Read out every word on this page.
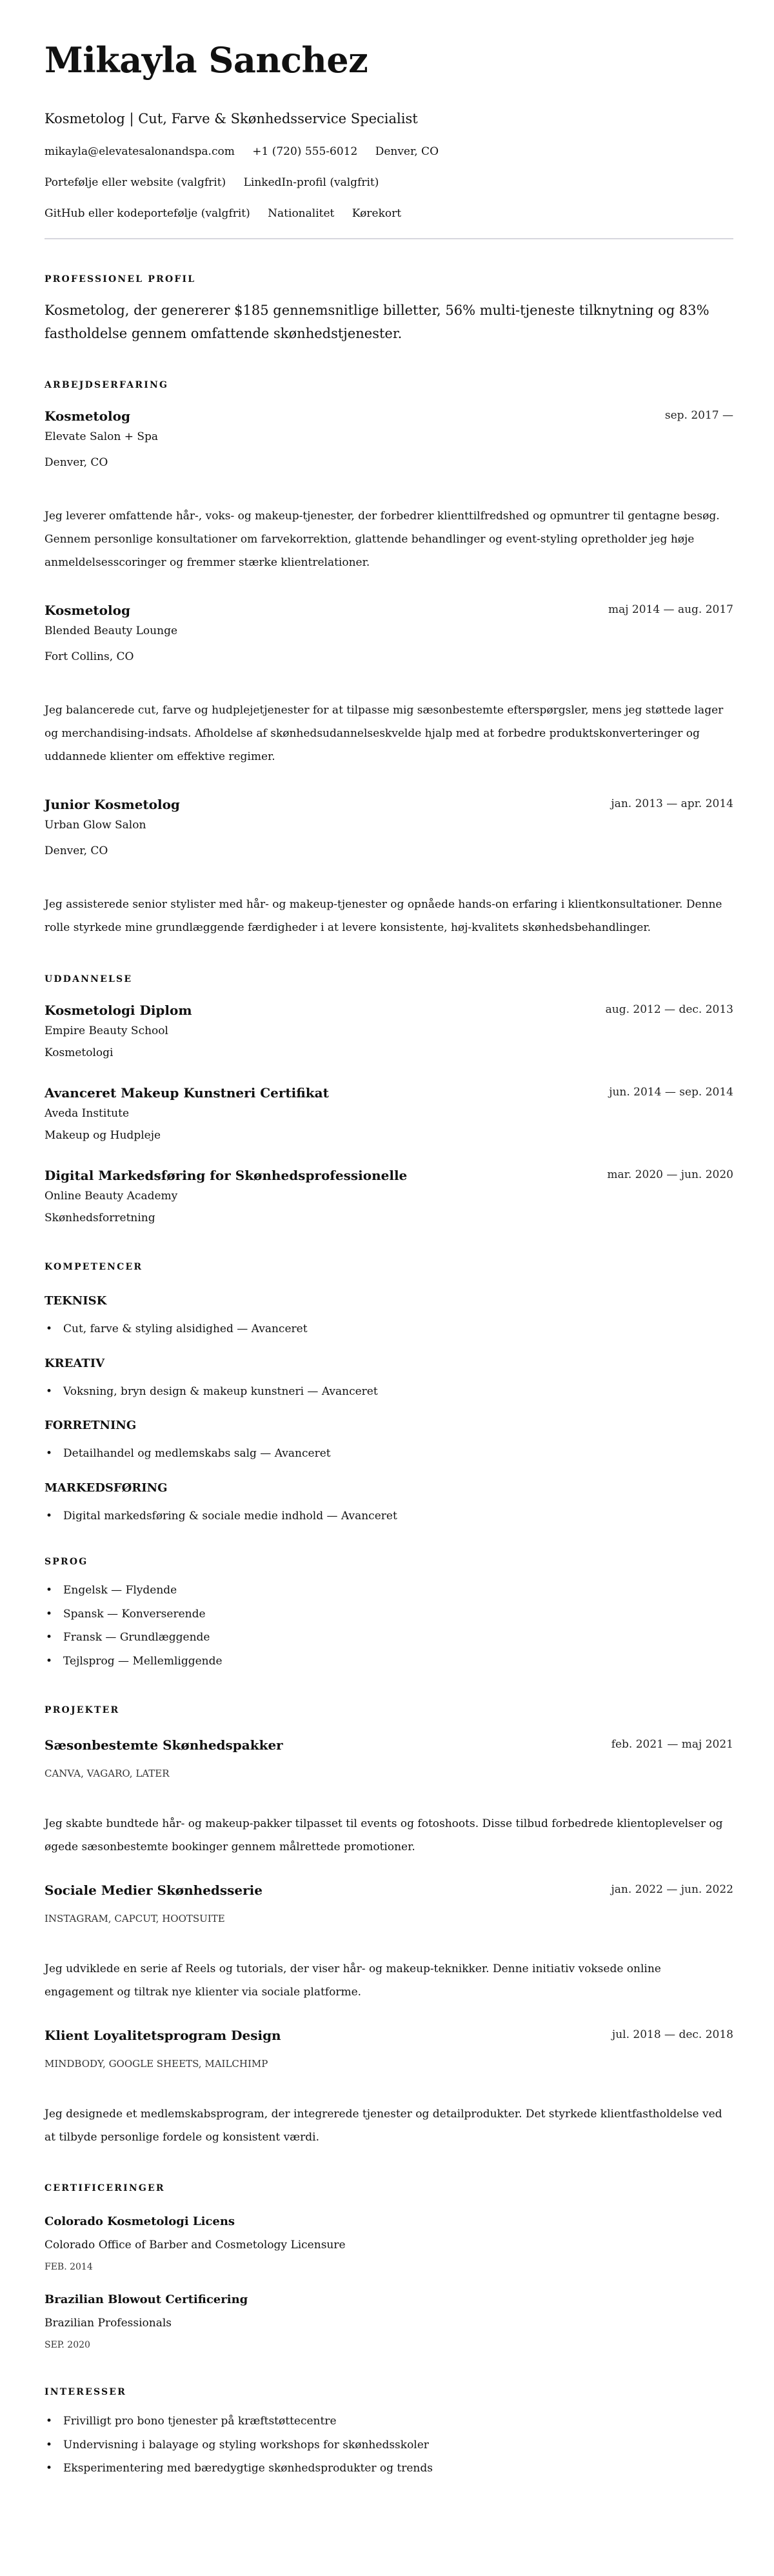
Mikayla Sanchez
Kosmetolog | Cut, Farve & Skønhedsservice Specialist
mikayla@elevatesalonandspa.com +1 (720) 555-6012 Denver, CO
Portefølje eller website (valgfrit) LinkedIn-profil (valgfrit)
GitHub eller kodeportefølje (valgfrit) Nationalitet Kørekort
PROFESSIONEL PROFIL
Kosmetolog, der genererer $185 gennemsnitlige billetter, 56% multi-tjeneste tilknytning og 83% fastholdelse gennem omfattende skønhedstjenester.
ARBEJDSERFARING
Kosmetolog	sep. 2017 —
Elevate Salon + Spa
Denver, CO
Jeg leverer omfattende hår-, voks- og makeup-tjenester, der forbedrer klienttilfredshed og opmuntrer til gentagne besøg. Gennem personlige konsultationer om farvekorrektion, glattende behandlinger og event-styling opretholder jeg høje anmeldelsesscoringer og fremmer stærke klientrelationer.
Kosmetolog	maj 2014 — aug. 2017
Blended Beauty Lounge
Fort Collins, CO
Jeg balancerede cut, farve og hudplejetjenester for at tilpasse mig sæsonbestemte efterspørgsler, mens jeg støttede lager og merchandising-indsats. Afholdelse af skønhedsudannelseskvelde hjalp med at forbedre produktskonverteringer og uddannede klienter om effektive regimer.
Junior Kosmetolog	jan. 2013 — apr. 2014
Urban Glow Salon
Denver, CO
Jeg assisterede senior stylister med hår- og makeup-tjenester og opnåede hands-on erfaring i klientkonsultationer. Denne rolle styrkede mine grundlæggende færdigheder i at levere konsistente, høj-kvalitets skønhedsbehandlinger.
UDDANNELSE
Kosmetologi Diplom	aug. 2012 — dec. 2013
Empire Beauty School
Kosmetologi
Avanceret Makeup Kunstneri Certifikat	jun. 2014 — sep. 2014
Aveda Institute
Makeup og Hudpleje
Digital Markedsføring for Skønhedsprofessionelle	mar. 2020 — jun. 2020
Online Beauty Academy
Skønhedsforretning
KOMPETENCER
TEKNISK
• Cut, farve & styling alsidighed — Avanceret
KREATIV
• Voksning, bryn design & makeup kunstneri — Avanceret
FORRETNING
• Detailhandel og medlemskabs salg — Avanceret
MARKEDSFØRING
• Digital markedsføring & sociale medie indhold — Avanceret
SPROG
• Engelsk — Flydende
• Spansk — Konverserende
• Fransk — Grundlæggende
• Tejlsprog — Mellemliggende
PROJEKTER
Sæsonbestemte Skønhedspakker	feb. 2021 — maj 2021
CANVA, VAGARO, LATER
Jeg skabte bundtede hår- og makeup-pakker tilpasset til events og fotoshoots. Disse tilbud forbedrede klientoplevelser og øgede sæsonbestemte bookinger gennem målrettede promotioner.
Sociale Medier Skønhedsserie	jan. 2022 — jun. 2022
INSTAGRAM, CAPCUT, HOOTSUITE
Jeg udviklede en serie af Reels og tutorials, der viser hår- og makeup-teknikker. Denne initiativ voksede online engagement og tiltrak nye klienter via sociale platforme.
Klient Loyalitetsprogram Design	jul. 2018 — dec. 2018
MINDBODY, GOOGLE SHEETS, MAILCHIMP
Jeg designede et medlemskabsprogram, der integrerede tjenester og detailprodukter. Det styrkede klientfastholdelse ved at tilbyde personlige fordele og konsistent værdi.
CERTIFICERINGER
Colorado Kosmetologi Licens
Colorado Office of Barber and Cosmetology Licensure
FEB. 2014
Brazilian Blowout Certificering
Brazilian Professionals
SEP. 2020
INTERESSER
• Frivilligt pro bono tjenester på kræftstøttecentre
• Undervisning i balayage og styling workshops for skønhedsskoler
• Eksperimentering med bæredygtige skønhedsprodukter og trends
